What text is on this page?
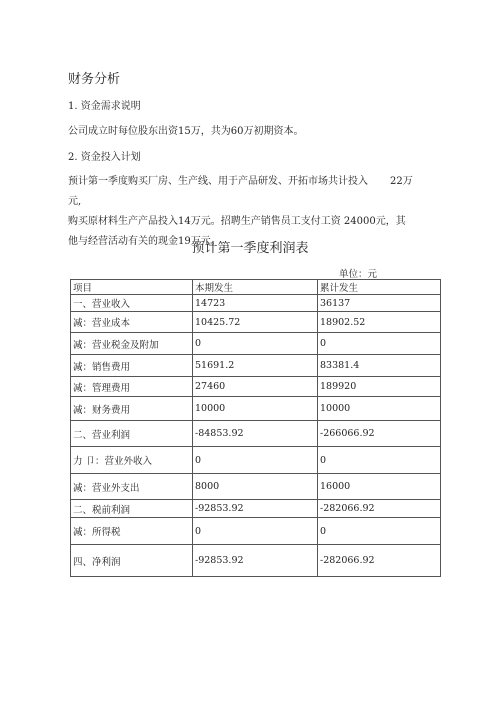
财务分析
1. 资金需求说明
公司成立时每位股东出资15万，共为60万初期资本。
2. 资金投入计划
预计第一季度购买厂房、生产线、用于产品研发、开拓市场共计投入 22万元,
购买原材料生产产品投入14万元。招聘生产销售员工支付工资 24000元，其
他与经营活动有关的现金19万元。
预计第一季度利润表
单位：元
项目	本期发生	累计发生
一、营业收入	14723	36137
减：营业成本	10425.72	18902.52
减：营业税金及附加	0	0
减：销售费用	51691.2	83381.4
减：管理费用	27460	189920
减：财务费用	10000	10000
二、营业利润	-84853.92	-266066.92
力 卩：营业外收入	0	0
减：营业外支出	8000	16000
二、税前利润	-92853.92	-282066.92
减：所得税	0	0
四、净利润	-92853.92	-282066.92
